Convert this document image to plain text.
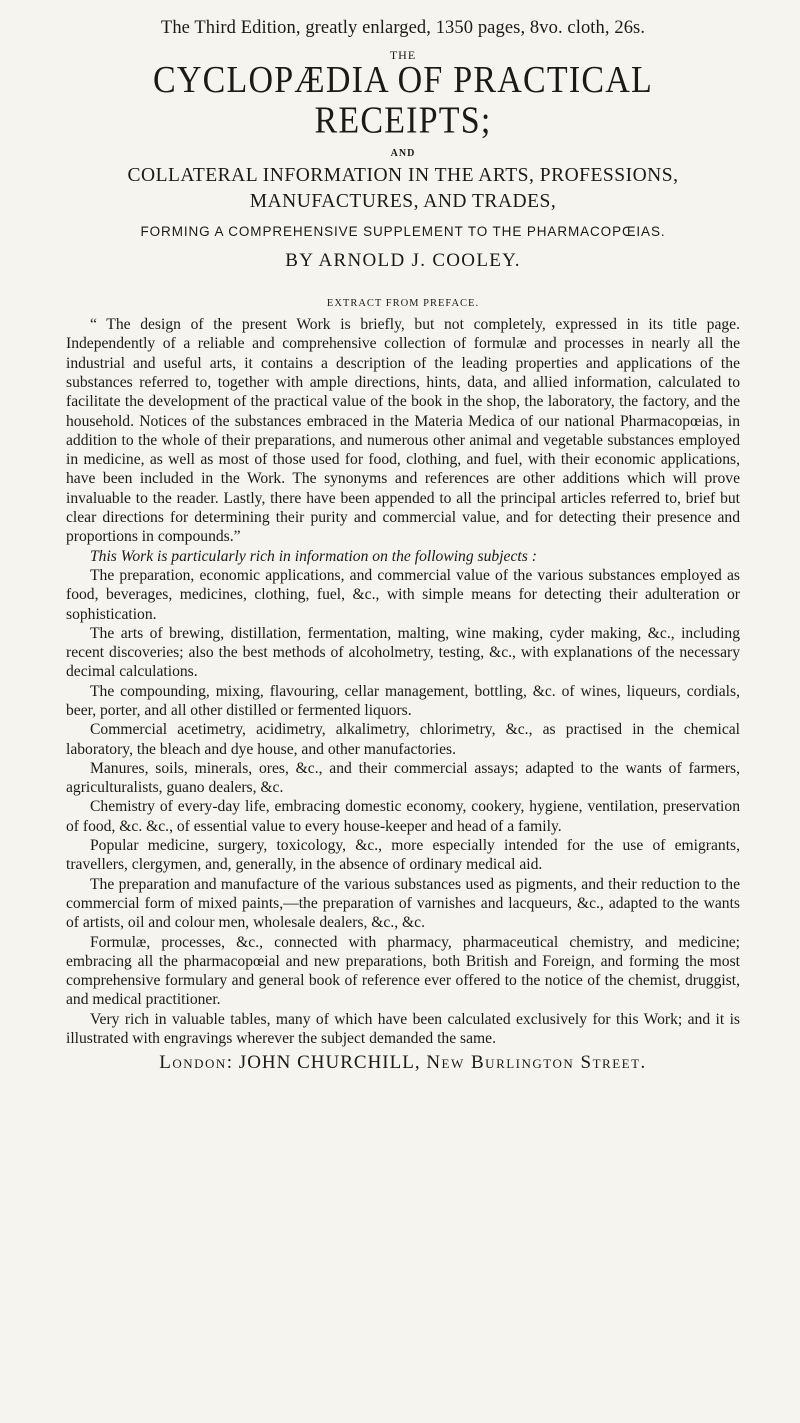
The Third Edition, greatly enlarged, 1350 pages, 8vo. cloth, 26s.
THE
CYCLOPÆDIA OF PRACTICAL RECEIPTS;
AND
COLLATERAL INFORMATION IN THE ARTS, PROFESSIONS,
MANUFACTURES, AND TRADES,
FORMING A COMPREHENSIVE SUPPLEMENT TO THE PHARMACOPŒIAS.
BY ARNOLD J. COOLEY.
EXTRACT FROM PREFACE.

“ The design of the present Work is briefly, but not completely, expressed in its title page. Independently of a reliable and comprehensive collection of formulæ and processes in nearly all the industrial and useful arts, it contains a description of the leading properties and applications of the substances referred to, together with ample directions, hints, data, and allied information, calculated to facilitate the development of the practical value of the book in the shop, the laboratory, the factory, and the household. Notices of the substances embraced in the Materia Medica of our national Pharmacopœias, in addition to the whole of their preparations, and numerous other animal and vegetable substances employed in medicine, as well as most of those used for food, clothing, and fuel, with their economic applications, have been included in the Work. The synonyms and references are other additions which will prove invaluable to the reader. Lastly, there have been appended to all the principal articles referred to, brief but clear directions for determining their purity and commercial value, and for detecting their presence and proportions in compounds.”

This Work is particularly rich in information on the following subjects :

The preparation, economic applications, and commercial value of the various substances employed as food, beverages, medicines, clothing, fuel, &c., with simple means for detecting their adulteration or sophistication.

The arts of brewing, distillation, fermentation, malting, wine making, cyder making, &c., including recent discoveries; also the best methods of alcoholmetry, testing, &c., with explanations of the necessary decimal calculations.

The compounding, mixing, flavouring, cellar management, bottling, &c. of wines, liqueurs, cordials, beer, porter, and all other distilled or fermented liquors.

Commercial acetimetry, acidimetry, alkalimetry, chlorimetry, &c., as practised in the chemical laboratory, the bleach and dye house, and other manufactories.

Manures, soils, minerals, ores, &c., and their commercial assays; adapted to the wants of farmers, agriculturalists, guano dealers, &c.

Chemistry of every-day life, embracing domestic economy, cookery, hygiene, ventilation, preservation of food, &c. &c., of essential value to every house-keeper and head of a family.

Popular medicine, surgery, toxicology, &c., more especially intended for the use of emigrants, travellers, clergymen, and, generally, in the absence of ordinary medical aid.

The preparation and manufacture of the various substances used as pigments, and their reduction to the commercial form of mixed paints,—the preparation of varnishes and lacqueurs, &c., adapted to the wants of artists, oil and colour men, wholesale dealers, &c., &c.

Formulæ, processes, &c., connected with pharmacy, pharmaceutical chemistry, and medicine; embracing all the pharmacopœial and new preparations, both British and Foreign, and forming the most comprehensive formulary and general book of reference ever offered to the notice of the chemist, druggist, and medical practitioner.

Very rich in valuable tables, many of which have been calculated exclusively for this Work; and it is illustrated with engravings wherever the subject demanded the same.

London: JOHN CHURCHILL, New Burlington Street.
